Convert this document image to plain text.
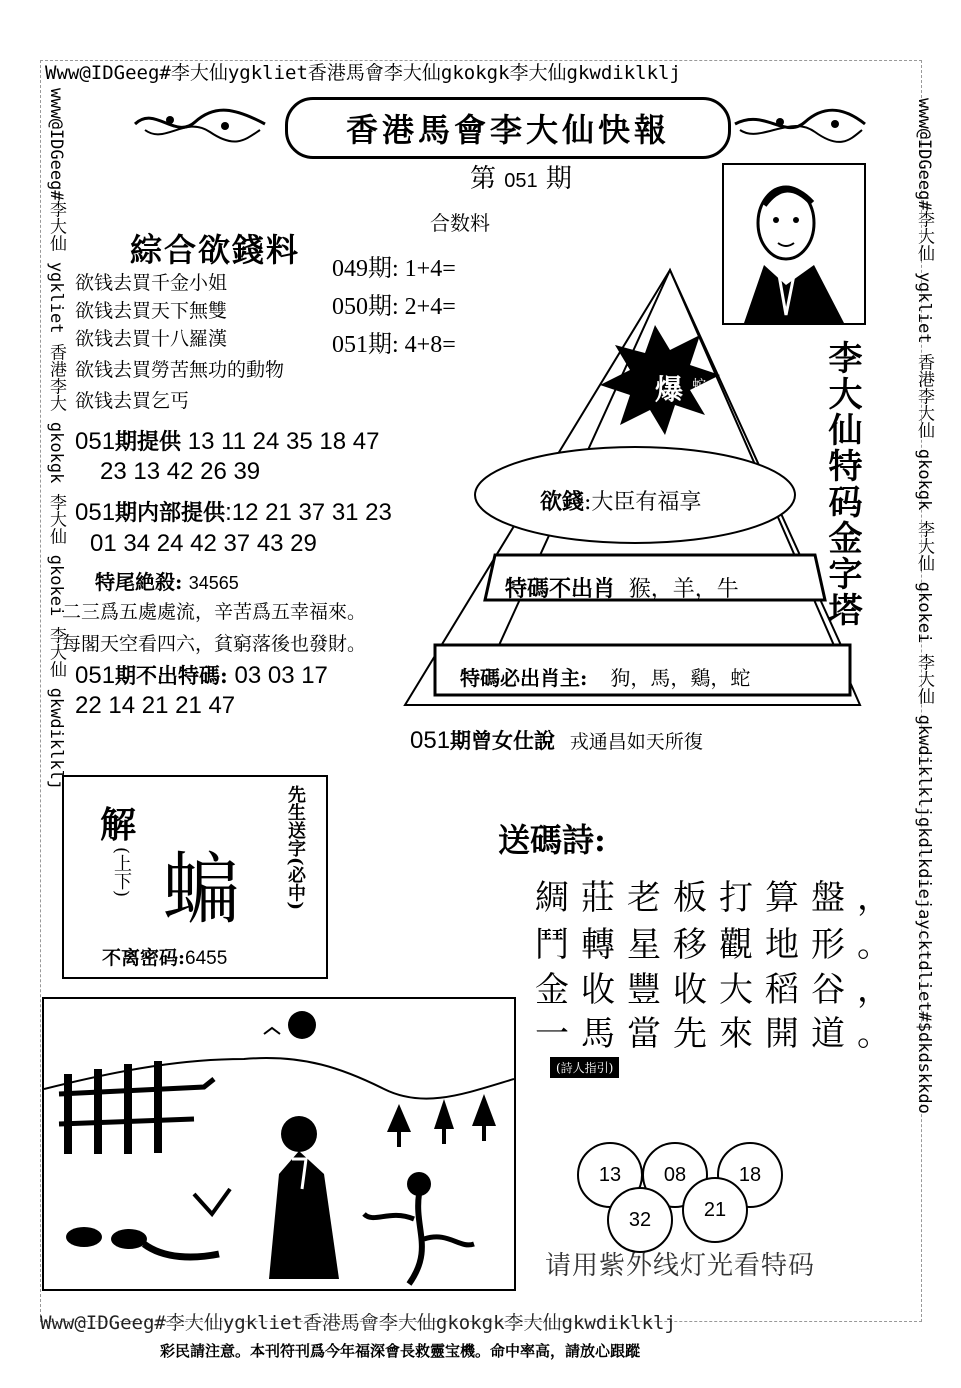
Www@IDGeeg#李大仙ygkliet香港馬會李大仙gkokgk李大仙gkwdiklklj
Www@IDGeeg#李大仙ygkliet香港馬會李大仙gkokgk李大仙gkwdiklklj
彩民請注意。本刊符刊爲今年福深會長救靈宝機。命中率高，請放心跟蹤
www@IDGeeg#李大仙 ygkliet 香港李大 gkokgk 李大仙 gkokei 李大仙 gkwdiklklj	www@IDGeeg#李大仙 ygkliet 香港李大仙 gkokgk 李大仙 gkokei 李大仙 gkwdiklkljgkdlkdiejaycktdliet#$dkdskkdo
香港馬會李大仙快報
第 051 期
合数料
049期: 1+4=
050期: 2+4=
051期: 4+8=
綜合欲錢料
欲钱去買千金小姐
欲钱去買天下無雙
欲钱去買十八羅漢
欲钱去買勞苦無功的動物
欲钱去買乞丐
051期提供 13 11 24 35 18 47
23 13 42 26 39
051期内部提供:12 21 37 31 23
01 34 24 42 37 43 29
特尾絶殺: 34565
二三爲五處處流，辛苦爲五幸福來。
每閣天空看四六，貧窮落後也發財。
051期不出特碼: 03 03 17
22 14 21 21 47
爆 蛇
欲錢:大臣有福享
特碼不出肖 猴，羊，牛
特碼必出肖主: 狗，馬，鷄，蛇
李大仙特码金字塔
051期曾女仕說 戎通昌如天所復
解
(上下) 蝙 先生送字(必中)
不离密码:6455
送碼詩:
綢莊老板打算盤，
鬥轉星移觀地形。
金收豐收大稻谷，
一馬當先來開道。
(詩人指引)
13	08	18
32	21
请用紫外线灯光看特码
